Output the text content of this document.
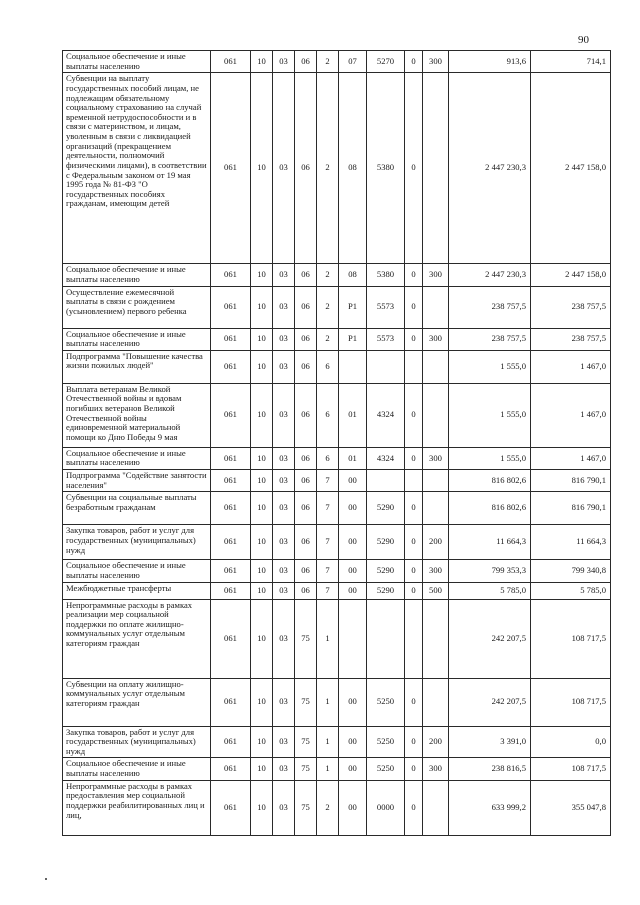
90
Социальное обеспечение и иные выплаты населению	061	10	03	06	2	07	5270	0	300	913,6	714,1
Субвенции на выплату государственных пособий лицам, не подлежащим обязательному социальному страхованию на случай временной нетрудоспособности и в связи с материнством, и лицам, уволенным в связи с ликвидацией организаций (прекращением деятельности, полномочий физическими лицами), в соответствии с Федеральным законом от 19 мая 1995 года № 81-ФЗ "О государственных пособиях гражданам, имеющим детей	061	10	03	06	2	08	5380	0		2 447 230,3	2 447 158,0
Социальное обеспечение и иные выплаты населению	061	10	03	06	2	08	5380	0	300	2 447 230,3	2 447 158,0
Осуществление ежемесячной выплаты в связи с рождением (усыновлением) первого ребенка	061	10	03	06	2	Р1	5573	0		238 757,5	238 757,5
Социальное обеспечение и иные выплаты населению	061	10	03	06	2	Р1	5573	0	300	238 757,5	238 757,5
Подпрограмма "Повышение качества жизни пожилых людей"	061	10	03	06	6					1 555,0	1 467,0
Выплата ветеранам Великой Отечественной войны и вдовам погибших ветеранов Великой Отечественной войны единовременной материальной помощи ко Дню Победы 9 мая	061	10	03	06	6	01	4324	0		1 555,0	1 467,0
Социальное обеспечение и иные выплаты населению	061	10	03	06	6	01	4324	0	300	1 555,0	1 467,0
Подпрограмма "Содействие занятости населения"	061	10	03	06	7	00				816 802,6	816 790,1
Субвенции на социальные выплаты безработным гражданам	061	10	03	06	7	00	5290	0		816 802,6	816 790,1
Закупка товаров, работ и услуг для государственных (муниципальных) нужд	061	10	03	06	7	00	5290	0	200	11 664,3	11 664,3
Социальное обеспечение и иные выплаты населению	061	10	03	06	7	00	5290	0	300	799 353,3	799 340,8
Межбюджетные трансферты	061	10	03	06	7	00	5290	0	500	5 785,0	5 785,0
Непрограммные расходы в рамках реализации мер социальной поддержки по оплате жилищно-коммунальных услуг отдельным категориям граждан	061	10	03	75	1					242 207,5	108 717,5
Субвенции на оплату жилищно-коммунальных услуг отдельным категориям граждан	061	10	03	75	1	00	5250	0		242 207,5	108 717,5
Закупка товаров, работ и услуг для государственных (муниципальных) нужд	061	10	03	75	1	00	5250	0	200	3 391,0	0,0
Социальное обеспечение и иные выплаты населению	061	10	03	75	1	00	5250	0	300	238 816,5	108 717,5
Непрограммные расходы в рамках предоставления мер социальной поддержки реабилитированных лиц и лиц,	061	10	03	75	2	00	0000	0		633 999,2	355 047,8
